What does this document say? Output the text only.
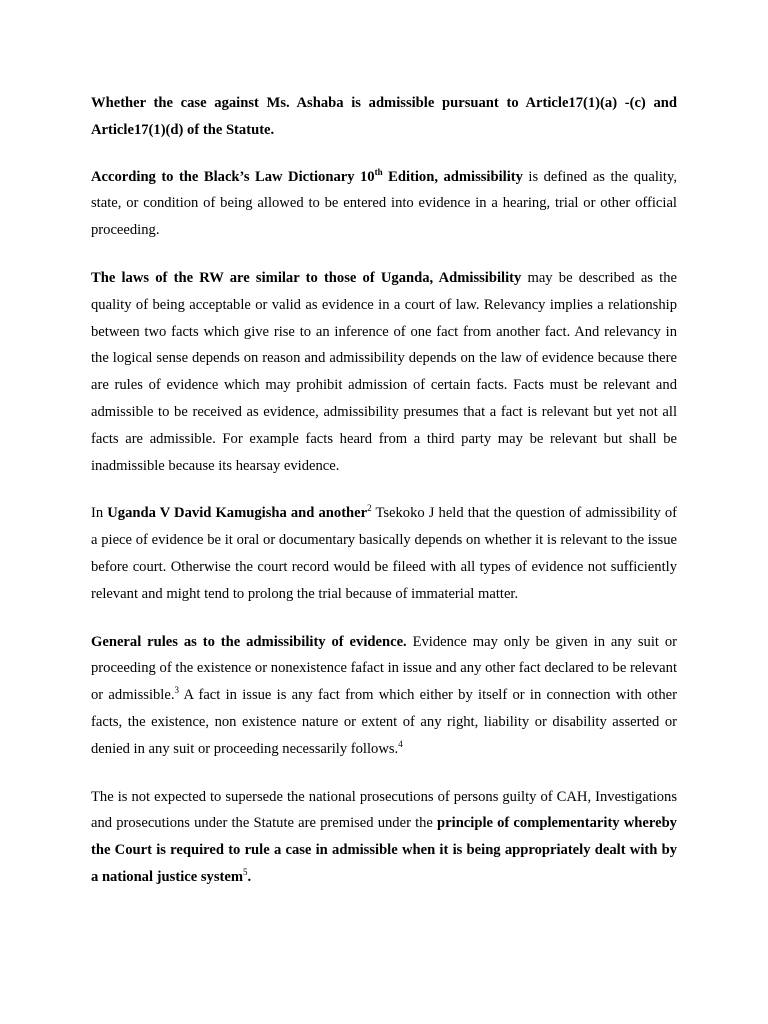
Whether the case against Ms. Ashaba is admissible pursuant to Article17(1)(a) -(c) and Article17(1)(d) of the Statute.

According to the Black’s Law Dictionary 10th Edition, admissibility is defined as the quality, state, or condition of being allowed to be entered into evidence in a hearing, trial or other official proceeding.

The laws of the RW are similar to those of Uganda, Admissibility may be described as the quality of being acceptable or valid as evidence in a court of law. Relevancy implies a relationship between two facts which give rise to an inference of one fact from another fact. And relevancy in the logical sense depends on reason and admissibility depends on the law of evidence because there are rules of evidence which may prohibit admission of certain facts. Facts must be relevant and admissible to be received as evidence, admissibility presumes that a fact is relevant but yet not all facts are admissible. For example facts heard from a third party may be relevant but shall be inadmissible because its hearsay evidence.

In Uganda V David Kamugisha and another$^2$ Tsekoko J held that the question of admissibility of a piece of evidence be it oral or documentary basically depends on whether it is relevant to the issue before court. Otherwise the court record would be fileed with all types of evidence not sufficiently relevant and might tend to prolong the trial because of immaterial matter.

General rules as to the admissibility of evidence. Evidence may only be given in any suit or proceeding of the existence or nonexistence fafact in issue and any other fact declared to be relevant or admissible.$^3$ A fact in issue is any fact from which either by itself or in connection with other facts, the existence, non existence nature or extent of any right, liability or disability asserted or denied in any suit or proceeding necessarily follows.$^4$

The is not expected to supersede the national prosecutions of persons guilty of CAH, Investigations and prosecutions under the Statute are premised under the principle of complementarity whereby the Court is required to rule a case in admissible when it is being appropriately dealt with by a national justice system$^5$.
